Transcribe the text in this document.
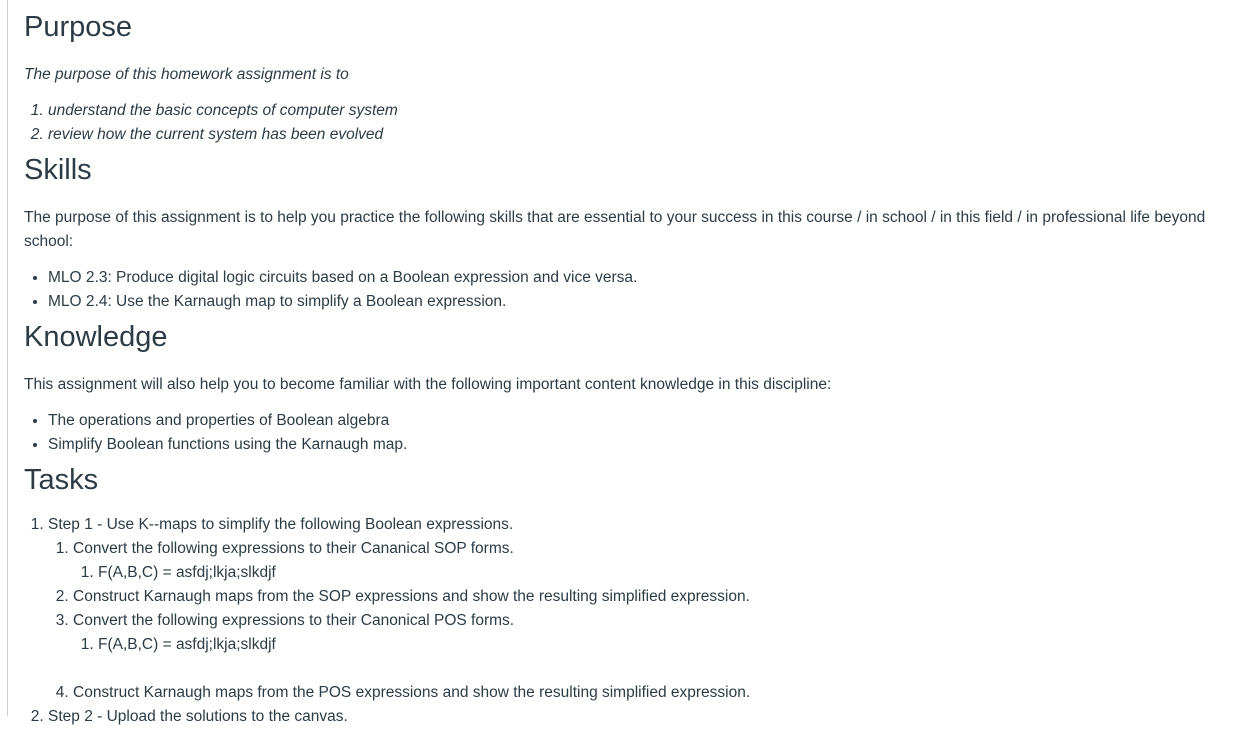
Purpose

The purpose of this homework assignment is to

1. understand the basic concepts of computer system
2. review how the current system has been evolved
Skills

The purpose of this assignment is to help you practice the following skills that are essential to your success in this course / in school / in this field / in professional life beyond school:

• MLO 2.3: Produce digital logic circuits based on a Boolean expression and vice versa.
• MLO 2.4: Use the Karnaugh map to simplify a Boolean expression.
Knowledge

This assignment will also help you to become familiar with the following important content knowledge in this discipline:

• The operations and properties of Boolean algebra
• Simplify Boolean functions using the Karnaugh map.
Tasks
1. Step 1 - Use K--maps to simplify the following Boolean expressions.
1. Convert the following expressions to their Cananical SOP forms.
1. F(A,B,C) = asfdj;lkja;slkdjf
2. Construct Karnaugh maps from the SOP expressions and show the resulting simplified expression.
3. Convert the following expressions to their Canonical POS forms.
1. F(A,B,C) = asfdj;lkja;slkdjf
4. Construct Karnaugh maps from the POS expressions and show the resulting simplified expression.
2. Step 2 - Upload the solutions to the canvas.
